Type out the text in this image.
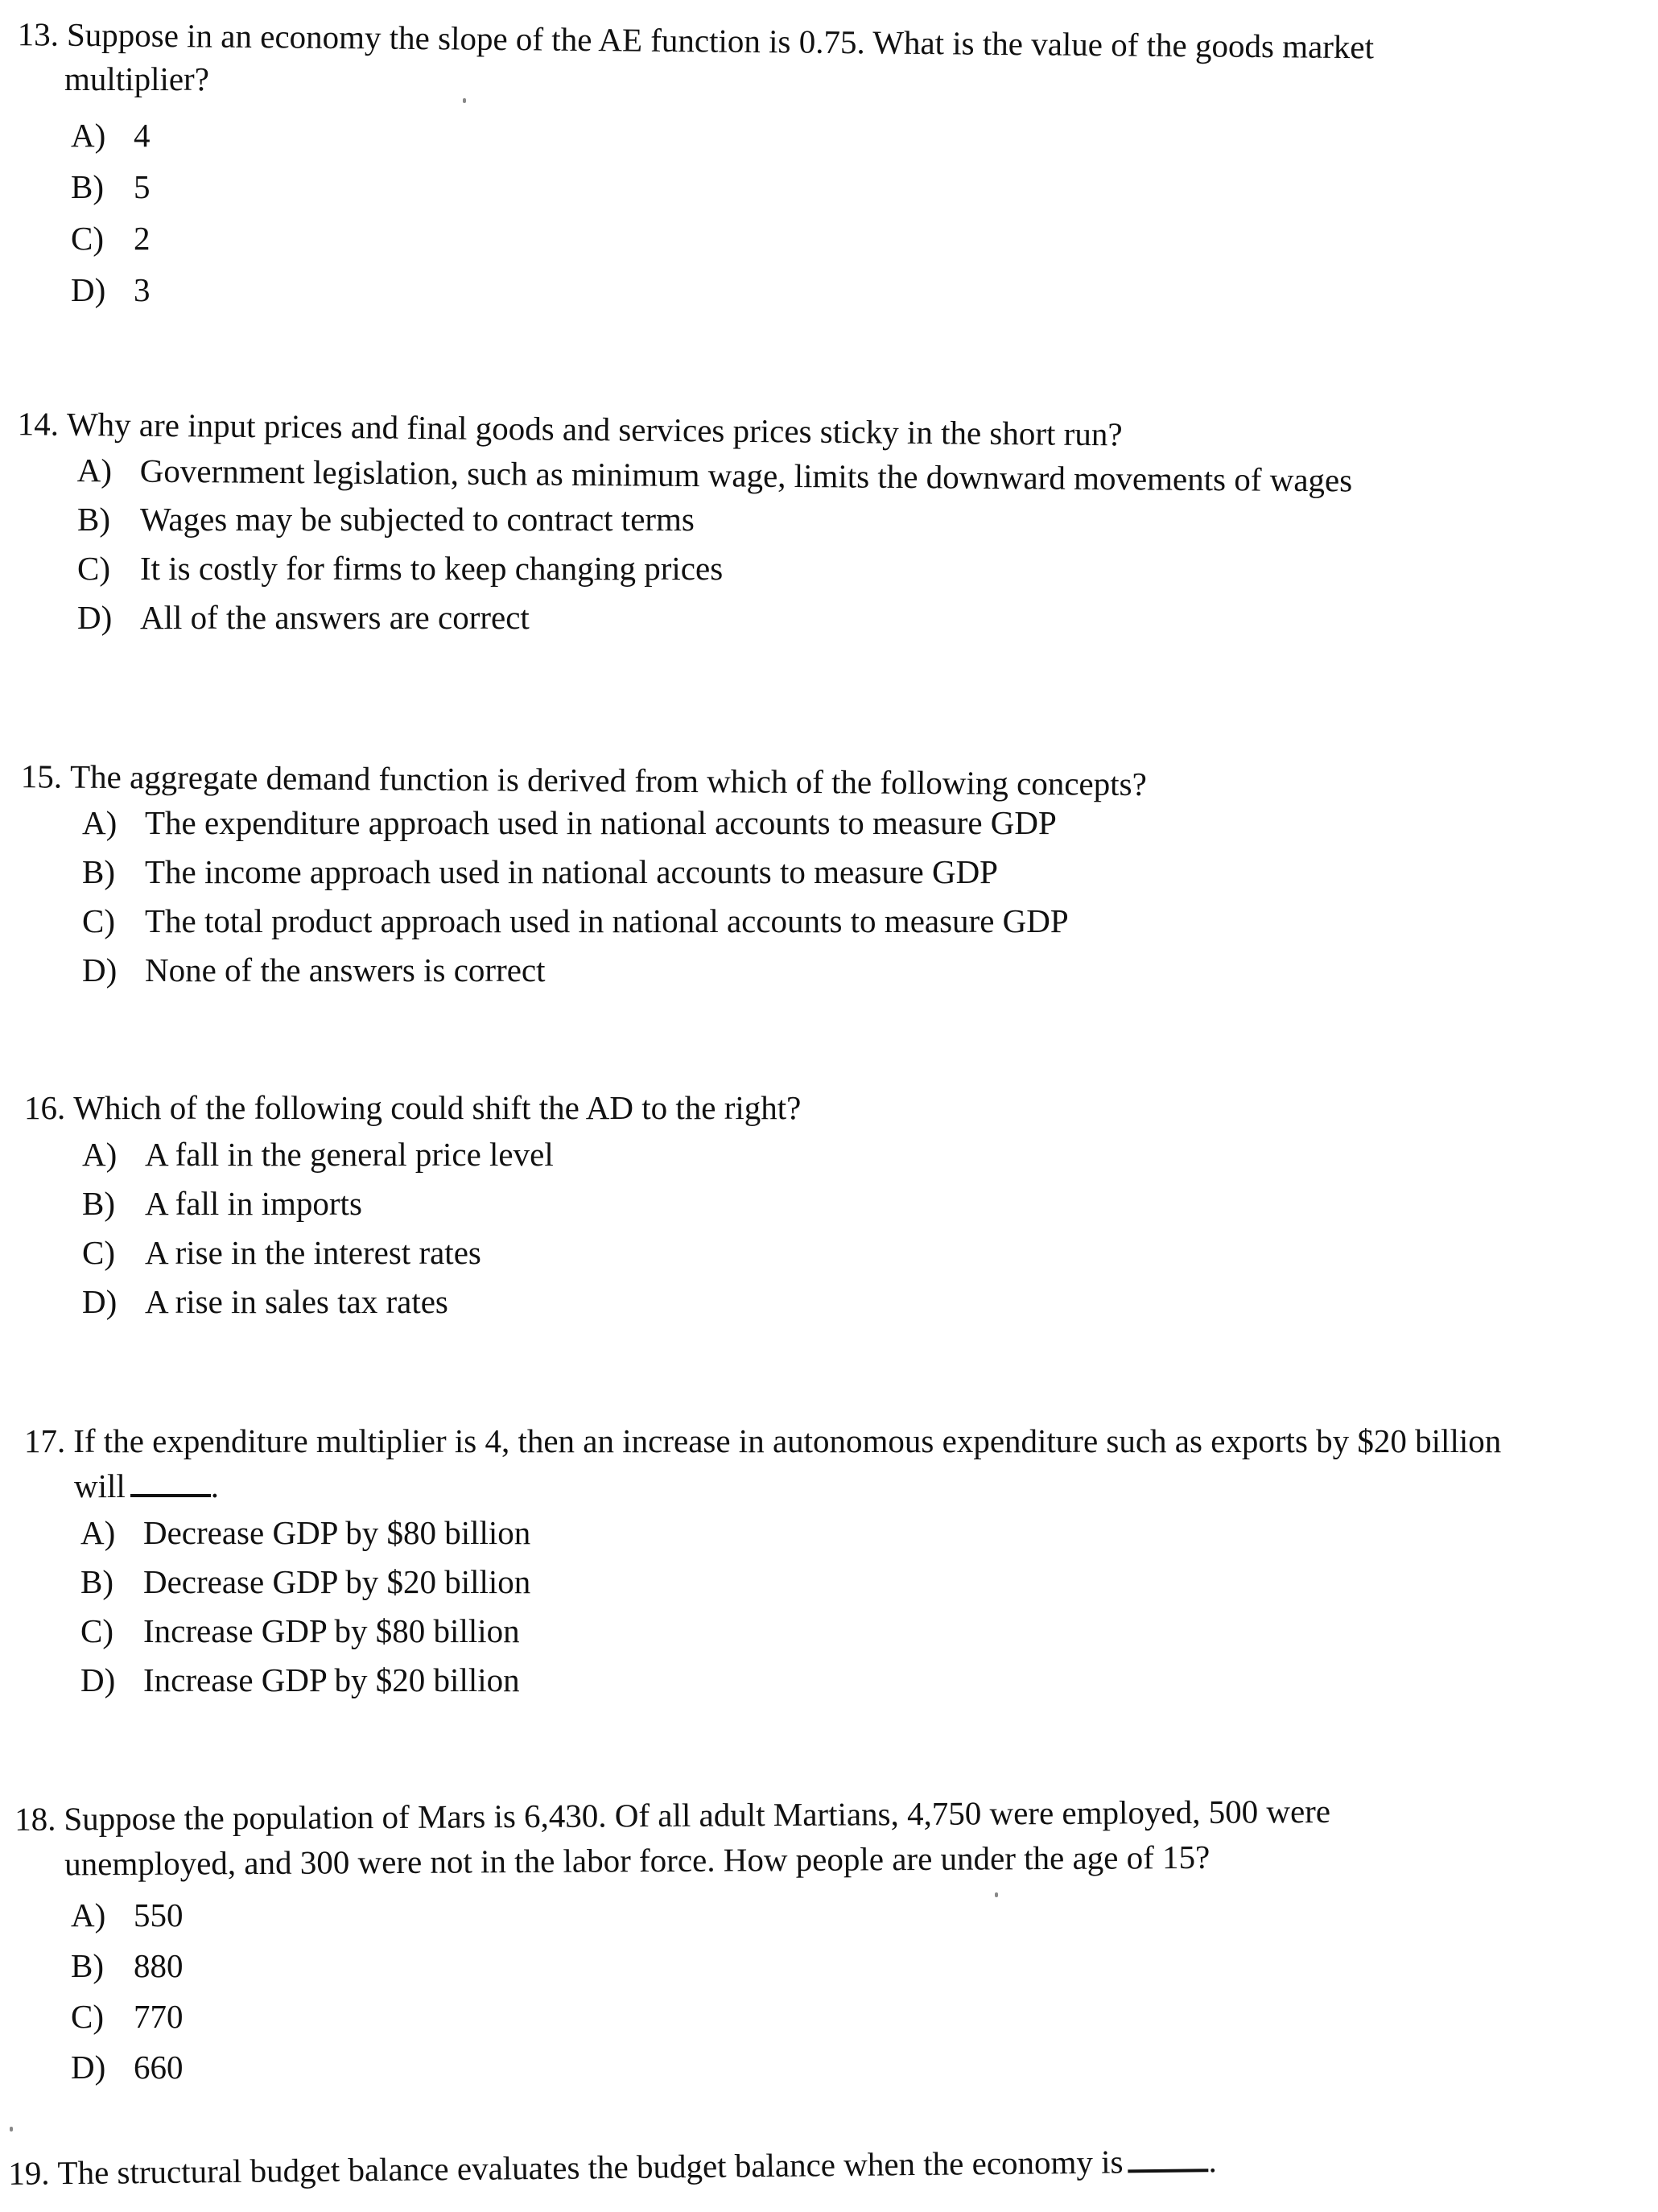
13. Suppose in an economy the slope of the AE function is 0.75. What is the value of the goods market
multiplier?
A) 4
B) 5
C) 2
D) 3
14. Why are input prices and final goods and services prices sticky in the short run?
A) Government legislation, such as minimum wage, limits the downward movements of wages
B) Wages may be subjected to contract terms
C) It is costly for firms to keep changing prices
D) All of the answers are correct
15. The aggregate demand function is derived from which of the following concepts?
A) The expenditure approach used in national accounts to measure GDP
B) The income approach used in national accounts to measure GDP
C) The total product approach used in national accounts to measure GDP
D) None of the answers is correct
16. Which of the following could shift the AD to the right?
A) A fall in the general price level
B) A fall in imports
C) A rise in the interest rates
D) A rise in sales tax rates
17. If the expenditure multiplier is 4, then an increase in autonomous expenditure such as exports by $20 billion
will	.
A) Decrease GDP by $80 billion
B) Decrease GDP by $20 billion
C) Increase GDP by $80 billion
D) Increase GDP by $20 billion
18. Suppose the population of Mars is 6,430. Of all adult Martians, 4,750 were employed, 500 were
unemployed, and 300 were not in the labor force. How people are under the age of 15?
A) 550
B) 880
C) 770
D) 660
19. The structural budget balance evaluates the budget balance when the economy is	.
